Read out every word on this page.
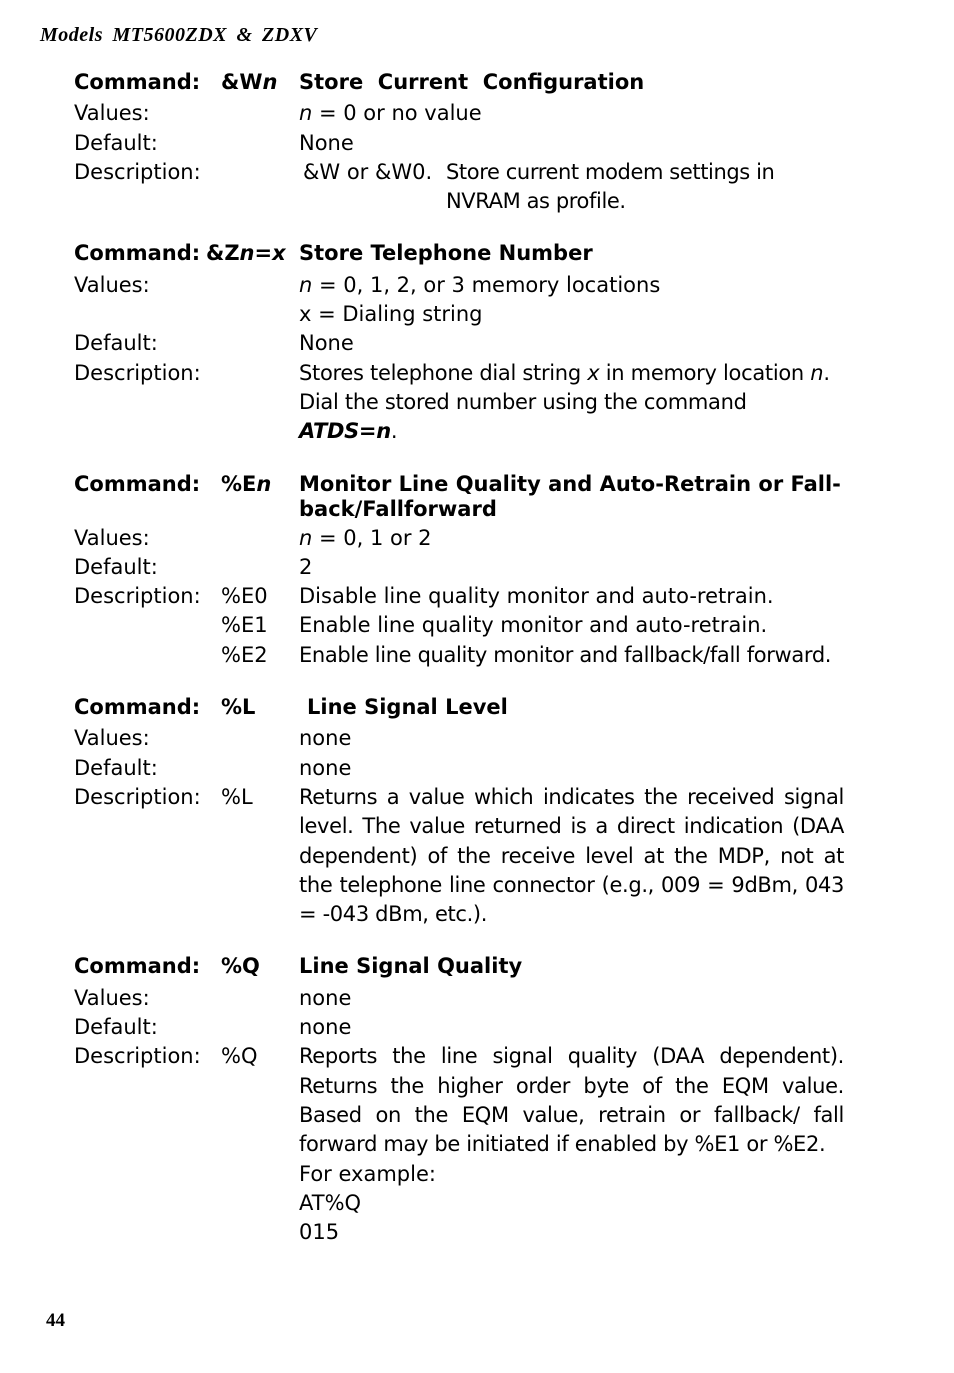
Models MT5600ZDX & ZDXV
Command: &Wn	Store  Current  Configuration
Values:	n = 0 or no value
Default:	None
Description:	&W or &W0. Store current modem settings in NVRAM as profile.
Command: &Zn=x Store Telephone Number
Values:	n = 0, 1, 2, or 3 memory locations
x = Dialing string
Default:	None
Description:	Stores telephone dial string x in memory location n. Dial the stored number using the command ATDS=n.
Command: %En	Monitor Line Quality and Auto-Retrain or Fall-back/Fallforward
Values:	n = 0, 1 or 2
Default:	2
Description: %E0	Disable line quality monitor and auto-retrain.
%E1	Enable line quality monitor and auto-retrain.
%E2	Enable line quality monitor and fallback/fall forward.
Command: %L	Line Signal Level
Values:	none
Default:	none
Description: %L	Returns a value which indicates the received signal level. The value returned is a direct indication (DAA dependent) of the receive level at the MDP, not at the telephone line connector (e.g., 009 = 9dBm, 043 = -043 dBm, etc.).
Command: %Q	Line Signal Quality
Values:	none
Default:	none
Description: %Q	Reports the line signal quality (DAA dependent). Returns the higher order byte of the EQM value. Based on the EQM value, retrain or fallback/ fall forward may be initiated if enabled by %E1 or %E2.
For example:
AT%Q
015
44
